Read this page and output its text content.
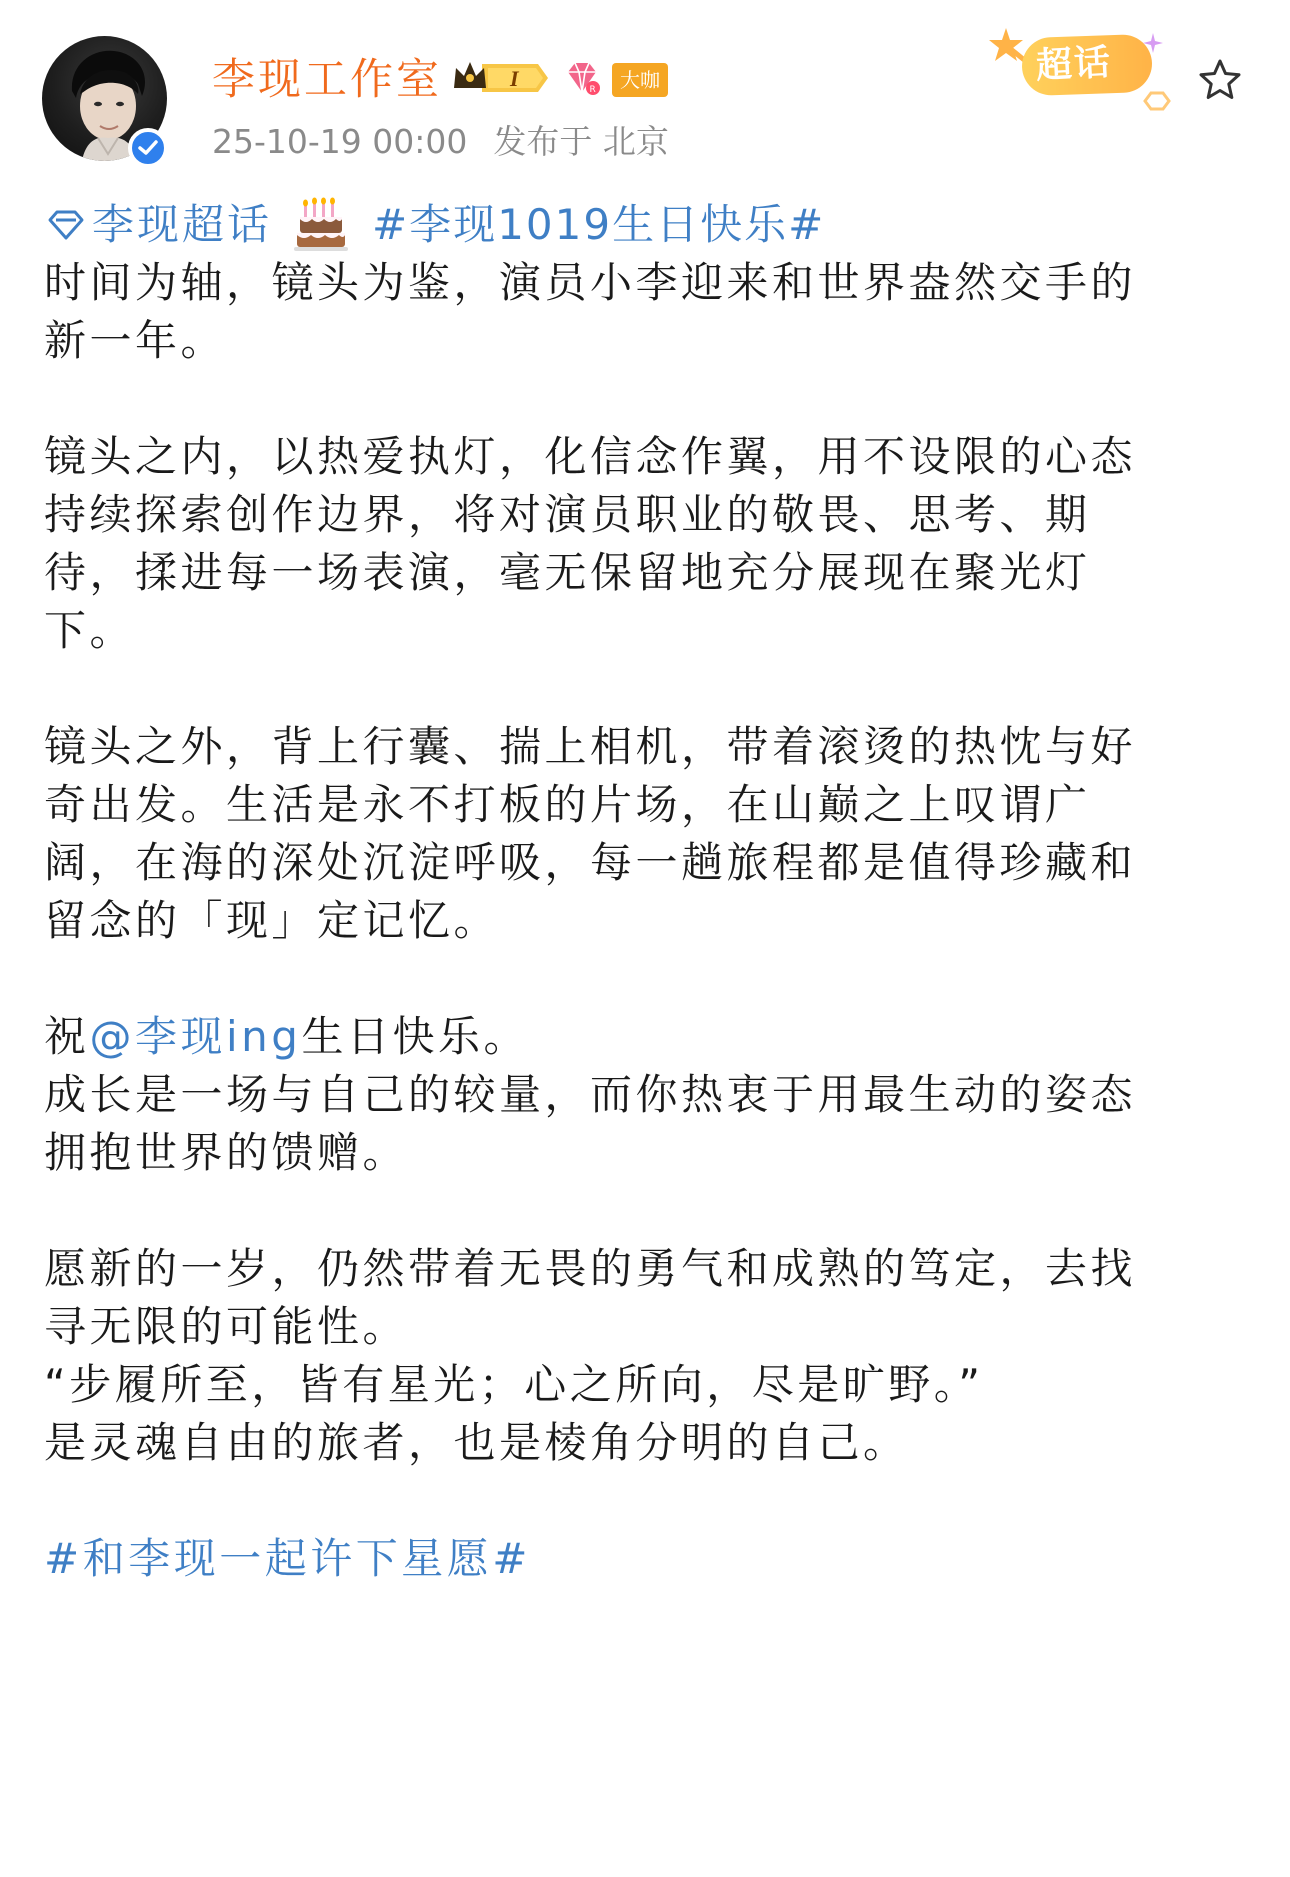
李现工作室	I	R	大咖
25-10-19 00:00 发布于 北京
超话
李现超话 #李现1019生日快乐#
时间为轴，镜头为鉴，演员小李迎来和世界盎然交手的
新一年。
镜头之内，以热爱执灯，化信念作翼，用不设限的心态
持续探索创作边界，将对演员职业的敬畏、思考、期
待，揉进每一场表演，毫无保留地充分展现在聚光灯
下。
镜头之外，背上行囊、揣上相机，带着滚烫的热忱与好
奇出发。生活是永不打板的片场，在山巅之上叹谓广
阔，在海的深处沉淀呼吸，每一趟旅程都是值得珍藏和
留念的「现」定记忆。
祝@李现ing生日快乐。
成长是一场与自己的较量，而你热衷于用最生动的姿态
拥抱世界的馈赠。
愿新的一岁，仍然带着无畏的勇气和成熟的笃定，去找
寻无限的可能性。
“步履所至，皆有星光；心之所向，尽是旷野。”
是灵魂自由的旅者，也是棱角分明的自己。
#和李现一起许下星愿#
